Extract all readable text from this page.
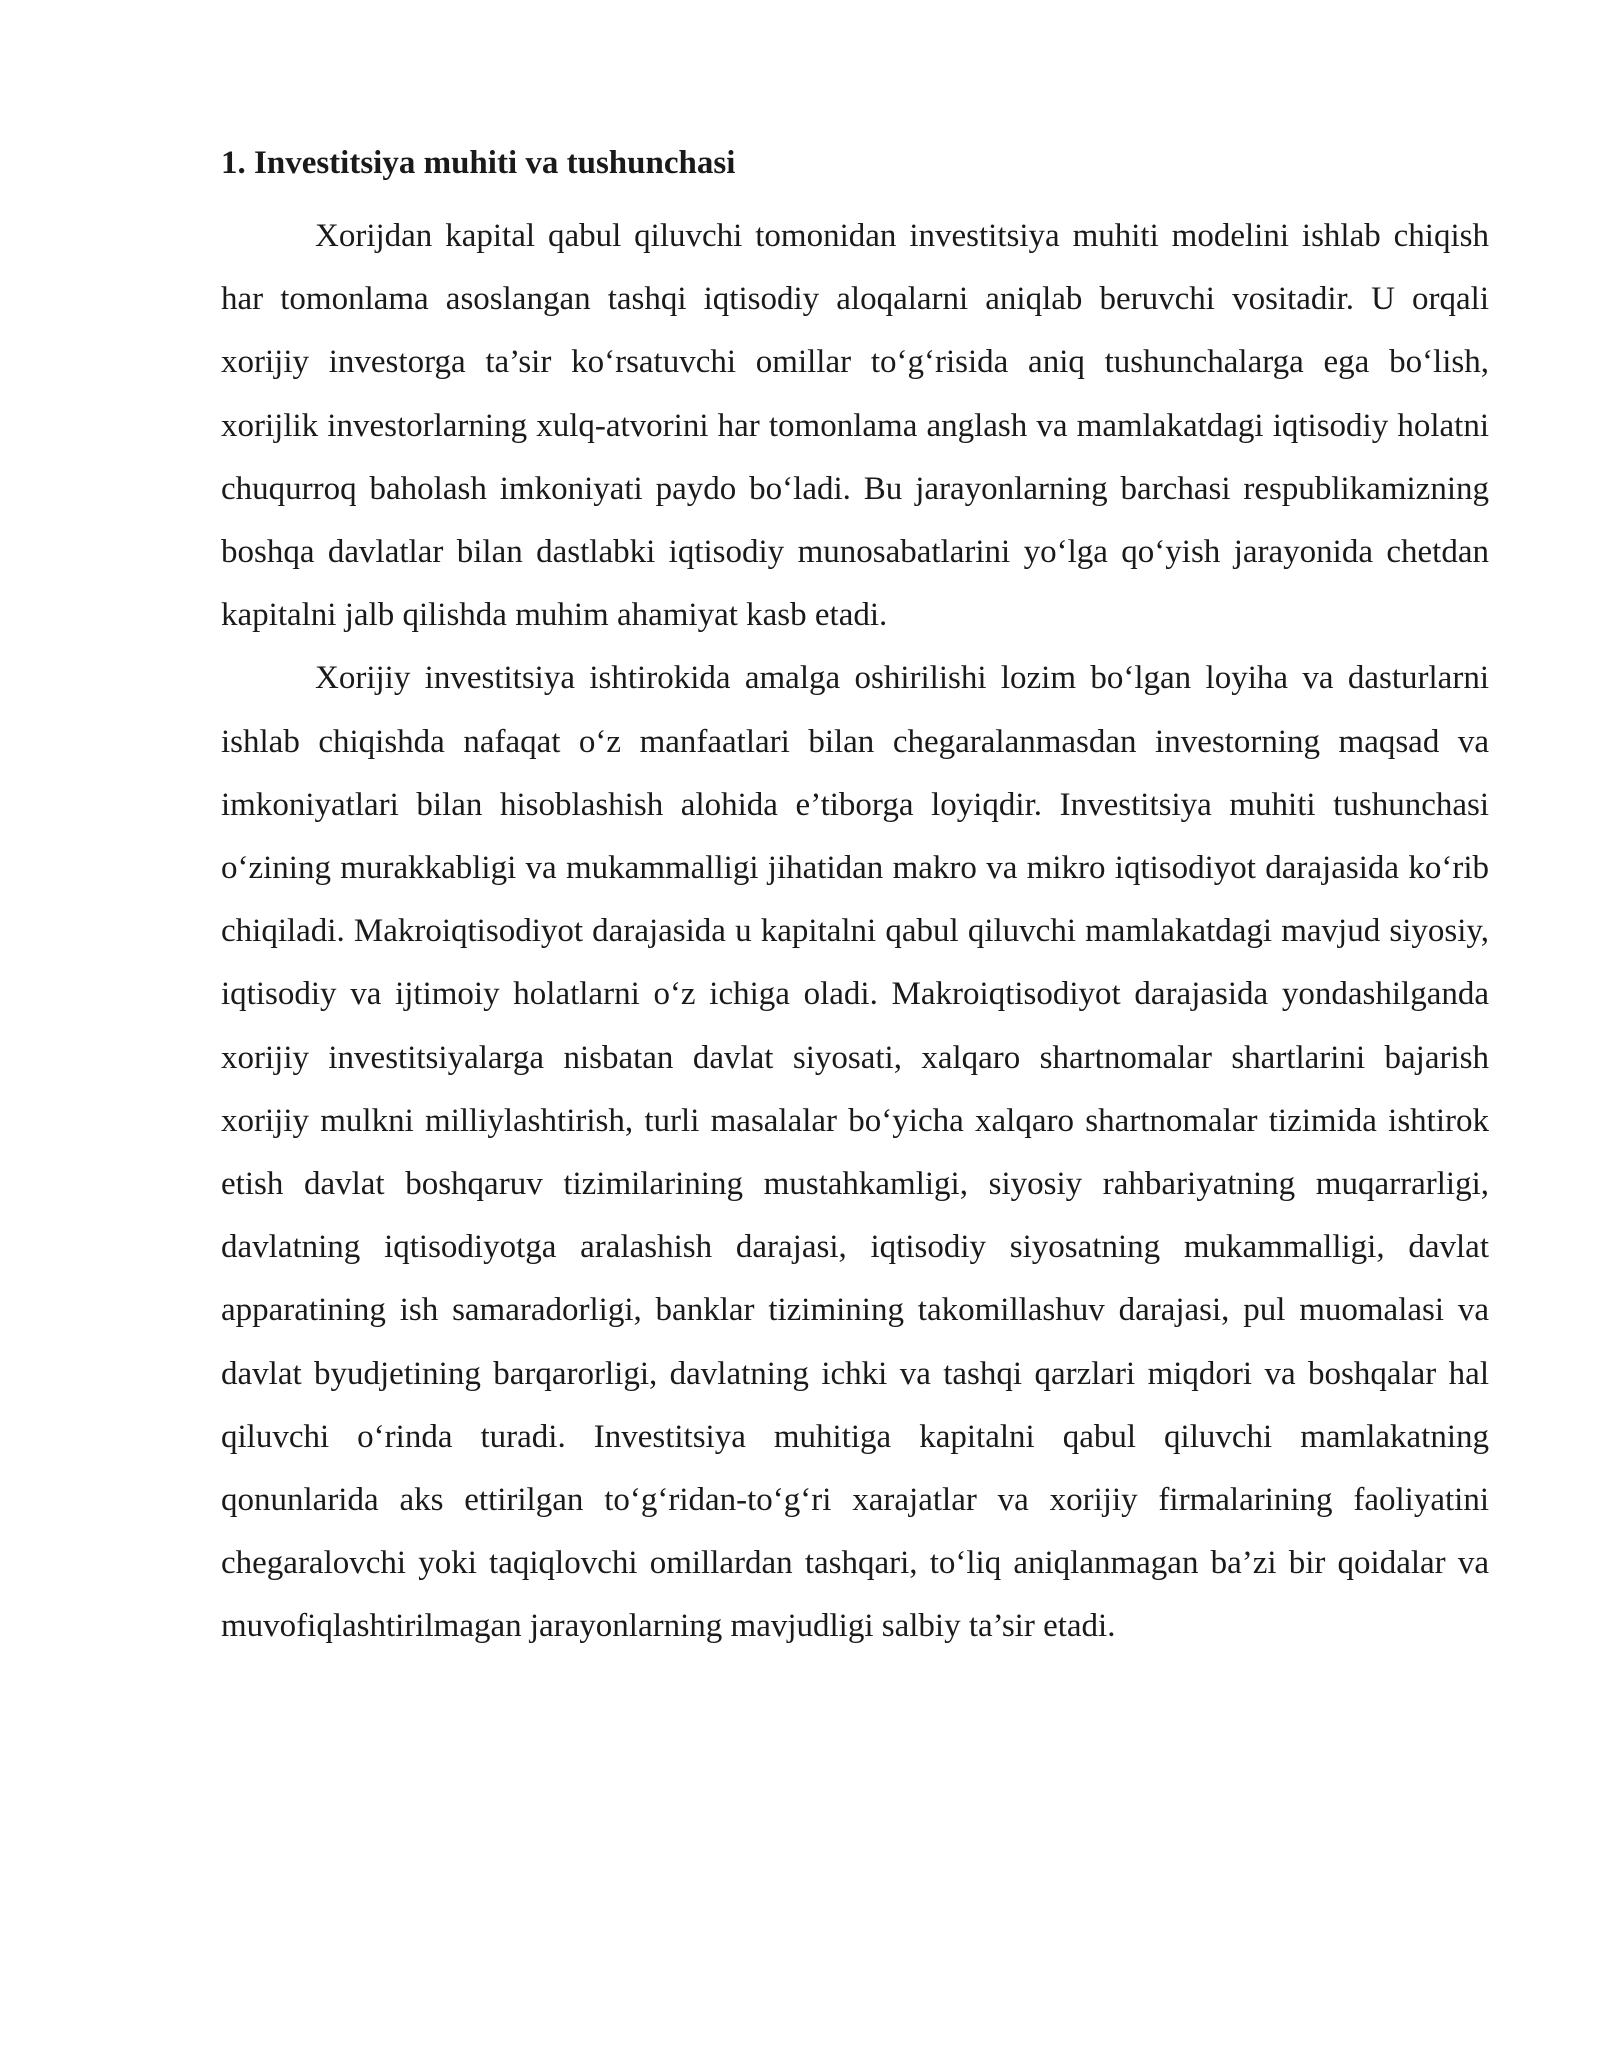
1. Investitsiya muhiti va tushunchasi

Xorijdan kapital qabul qiluvchi tomonidan investitsiya muhiti modelini ishlab chiqish har tomonlama asoslangan tashqi iqtisodiy aloqalarni aniqlab beruvchi vositadir. U orqali xorijiy investorga ta’sir ko‘rsatuvchi omillar to‘g‘risida aniq tushunchalarga ega bo‘lish, xorijlik investorlarning xulq-atvorini har tomonlama anglash va mamlakatdagi iqtisodiy holatni chuqurroq baholash imkoniyati paydo bo‘ladi. Bu jarayonlarning barchasi respublikamizning boshqa davlatlar bilan dastlabki iqtisodiy munosabatlarini yo‘lga qo‘yish jarayonida chetdan kapitalni jalb qilishda muhim ahamiyat kasb etadi.

Xorijiy investitsiya ishtirokida amalga oshirilishi lozim bo‘lgan loyiha va dasturlarni ishlab chiqishda nafaqat o‘z manfaatlari bilan chegaralanmasdan investorning maqsad va imkoniyatlari bilan hisoblashish alohida e’tiborga loyiqdir. Investitsiya muhiti tushunchasi o‘zining murakkabligi va mukammalligi jihatidan makro va mikro iqtisodiyot darajasida ko‘rib chiqiladi. Makroiqtisodiyot darajasida u kapitalni qabul qiluvchi mamlakatdagi mavjud siyosiy, iqtisodiy va ijtimoiy holatlarni o‘z ichiga oladi. Makroiqtisodiyot darajasida yondashilganda xorijiy investitsiyalarga nisbatan davlat siyosati, xalqaro shartnomalar shartlarini bajarish xorijiy mulkni milliylashtirish, turli masalalar bo‘yicha xalqaro shartnomalar tizimida ishtirok etish davlat boshqaruv tizimilarining mustahkamligi, siyosiy rahbariyatning muqarrarligi, davlatning iqtisodiyotga aralashish darajasi, iqtisodiy siyosatning mukammalligi, davlat apparatining ish samaradorligi, banklar tizimining takomillashuv darajasi, pul muomalasi va davlat byudjetining barqarorligi, davlatning ichki va tashqi qarzlari miqdori va boshqalar hal qiluvchi o‘rinda turadi. Investitsiya muhitiga kapitalni qabul qiluvchi mamlakatning qonunlarida aks ettirilgan to‘g‘ridan-to‘g‘ri xarajatlar va xorijiy firmalarining faoliyatini chegaralovchi yoki taqiqlovchi omillardan tashqari, to‘liq aniqlanmagan ba’zi bir qoidalar va muvofiqlashtirilmagan jarayonlarning mavjudligi salbiy ta’sir etadi.
